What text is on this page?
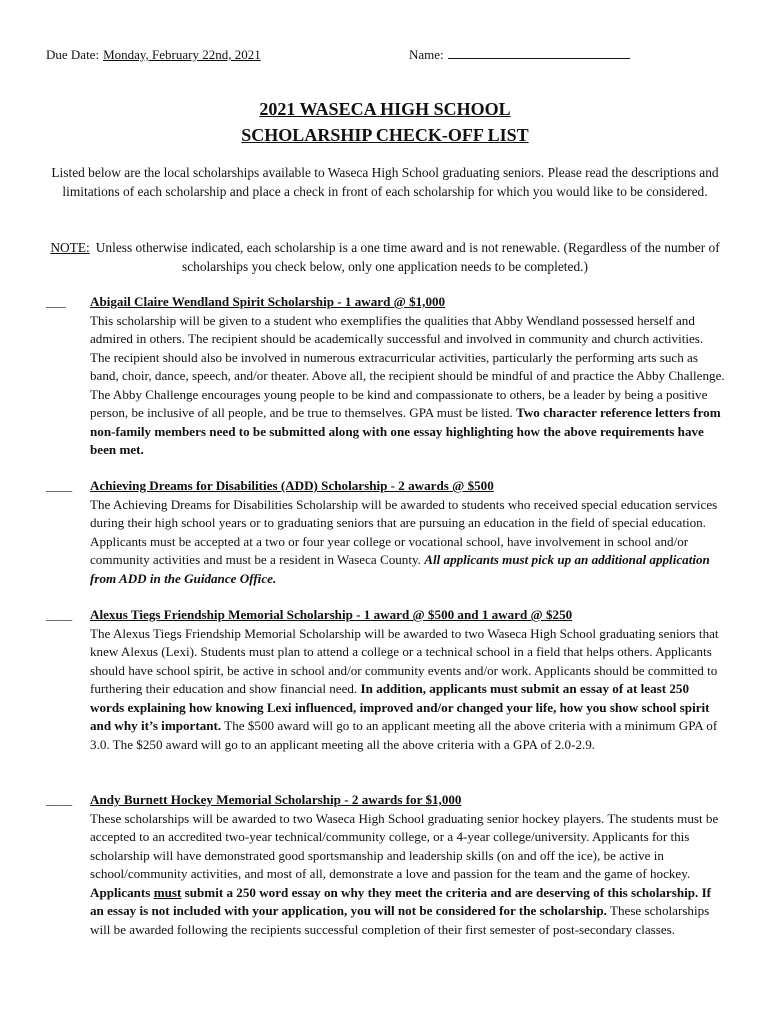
Due Date: Monday, February 22nd, 2021	Name:
2021 WASECA HIGH SCHOOL
SCHOLARSHIP CHECK-OFF LIST
Listed below are the local scholarships available to Waseca High School graduating seniors. Please read the descriptions and limitations of each scholarship and place a check in front of each scholarship for which you would like to be considered.
NOTE: Unless otherwise indicated, each scholarship is a one time award and is not renewable. (Regardless of the number of scholarships you check below, only one application needs to be completed.)
___ Abigail Claire Wendland Spirit Scholarship - 1 award @ $1,000
This scholarship will be given to a student who exemplifies the qualities that Abby Wendland possessed herself and admired in others. The recipient should be academically successful and involved in community and church activities. The recipient should also be involved in numerous extracurricular activities, particularly the performing arts such as band, choir, dance, speech, and/or theater. Above all, the recipient should be mindful of and practice the Abby Challenge. The Abby Challenge encourages young people to be kind and compassionate to others, be a leader by being a positive person, be inclusive of all people, and be true to themselves. GPA must be listed. Two character reference letters from non-family members need to be submitted along with one essay highlighting how the above requirements have been met.
____ Achieving Dreams for Disabilities (ADD) Scholarship - 2 awards @ $500
The Achieving Dreams for Disabilities Scholarship will be awarded to students who received special education services during their high school years or to graduating seniors that are pursuing an education in the field of special education. Applicants must be accepted at a two or four year college or vocational school, have involvement in school and/or community activities and must be a resident in Waseca County. All applicants must pick up an additional application from ADD in the Guidance Office.
____ Alexus Tiegs Friendship Memorial Scholarship - 1 award @ $500 and 1 award @ $250
The Alexus Tiegs Friendship Memorial Scholarship will be awarded to two Waseca High School graduating seniors that knew Alexus (Lexi). Students must plan to attend a college or a technical school in a field that helps others. Applicants should have school spirit, be active in school and/or community events and/or work. Applicants should be committed to furthering their education and show financial need. In addition, applicants must submit an essay of at least 250 words explaining how knowing Lexi influenced, improved and/or changed your life, how you show school spirit and why it’s important. The $500 award will go to an applicant meeting all the above criteria with a minimum GPA of 3.0. The $250 award will go to an applicant meeting all the above criteria with a GPA of 2.0-2.9.
____ Andy Burnett Hockey Memorial Scholarship - 2 awards for $1,000
These scholarships will be awarded to two Waseca High School graduating senior hockey players. The students must be accepted to an accredited two-year technical/community college, or a 4-year college/university. Applicants for this scholarship will have demonstrated good sportsmanship and leadership skills (on and off the ice), be active in school/community activities, and most of all, demonstrate a love and passion for the team and the game of hockey. Applicants must submit a 250 word essay on why they meet the criteria and are deserving of this scholarship. If an essay is not included with your application, you will not be considered for the scholarship. These scholarships will be awarded following the recipients successful completion of their first semester of post-secondary classes.
